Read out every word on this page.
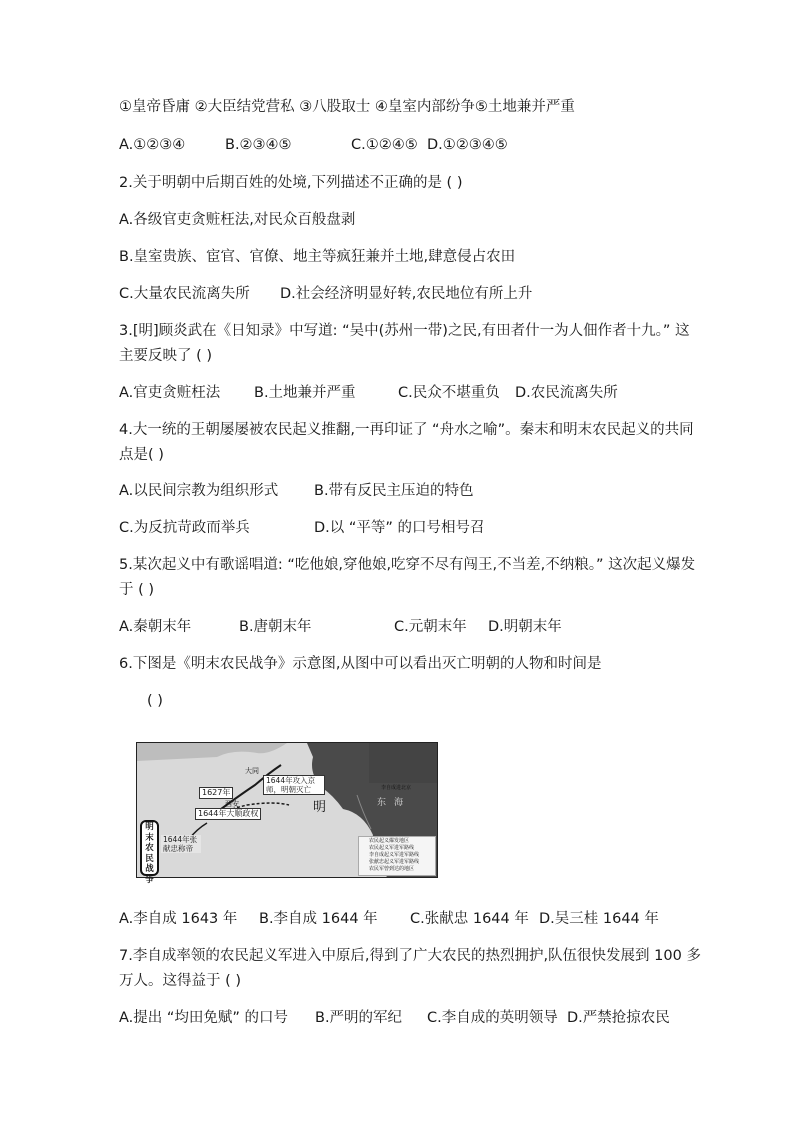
①皇帝昏庸 ②大臣结党营私 ③八股取士 ④皇室内部纷争⑤土地兼并严重
A.①②③④	B.②③④⑤	C.①②④⑤ D.①②③④⑤
2.关于明朝中后期百姓的处境,下列描述不正确的是 ( )
A.各级官吏贪赃枉法,对民众百般盘剥
B.皇室贵族、宦官、官僚、地主等疯狂兼并土地,肆意侵占农田
C.大量农民流离失所 D.社会经济明显好转,农民地位有所上升
3.[明]顾炎武在《日知录》中写道: “吴中(苏州一带)之民,有田者什一为人佃作者十九。” 这
主要反映了 ( )
A.官吏贪赃枉法 B.土地兼并严重	C.民众不堪重负 D.农民流离失所
4.大一统的王朝屡屡被农民起义推翻,一再印证了 “舟水之喻”。秦末和明末农民起义的共同
点是( )
A.以民间宗教为组织形式 B.带有反民主压迫的特色
C.为反抗苛政而举兵	D.以 “平等” 的口号相号召
5.某次起义中有歌谣唱道: “吃他娘,穿他娘,吃穿不尽有闯王,不当差,不纳粮。” 这次起义爆发
于 ( )
A.秦朝末年	B.唐朝末年	C.元朝末年 D.明朝末年
6.下图是《明末农民战争》示意图,从图中可以看出灭亡明朝的人物和时间是
( )
李自成进北京
1627年
1644年攻入京师，明朝灭亡
1644年大顺政权
1644年张献忠称帝
大同
西安	明	东海
明末农民战争
农民起义爆发地区
农民起义军进军路线
李自成起义军进军路线
张献忠起义军进军路线
农民军曾到达的地区
A.李自成 1643 年 B.李自成 1644 年 C.张献忠 1644 年 D.吴三桂 1644 年
7.李自成率领的农民起义军进入中原后,得到了广大农民的热烈拥护,队伍很快发展到 100 多
万人。这得益于 ( )
A.提出 “均田免赋” 的口号 B.严明的军纪 C.李自成的英明领导 D.严禁抢掠农民
